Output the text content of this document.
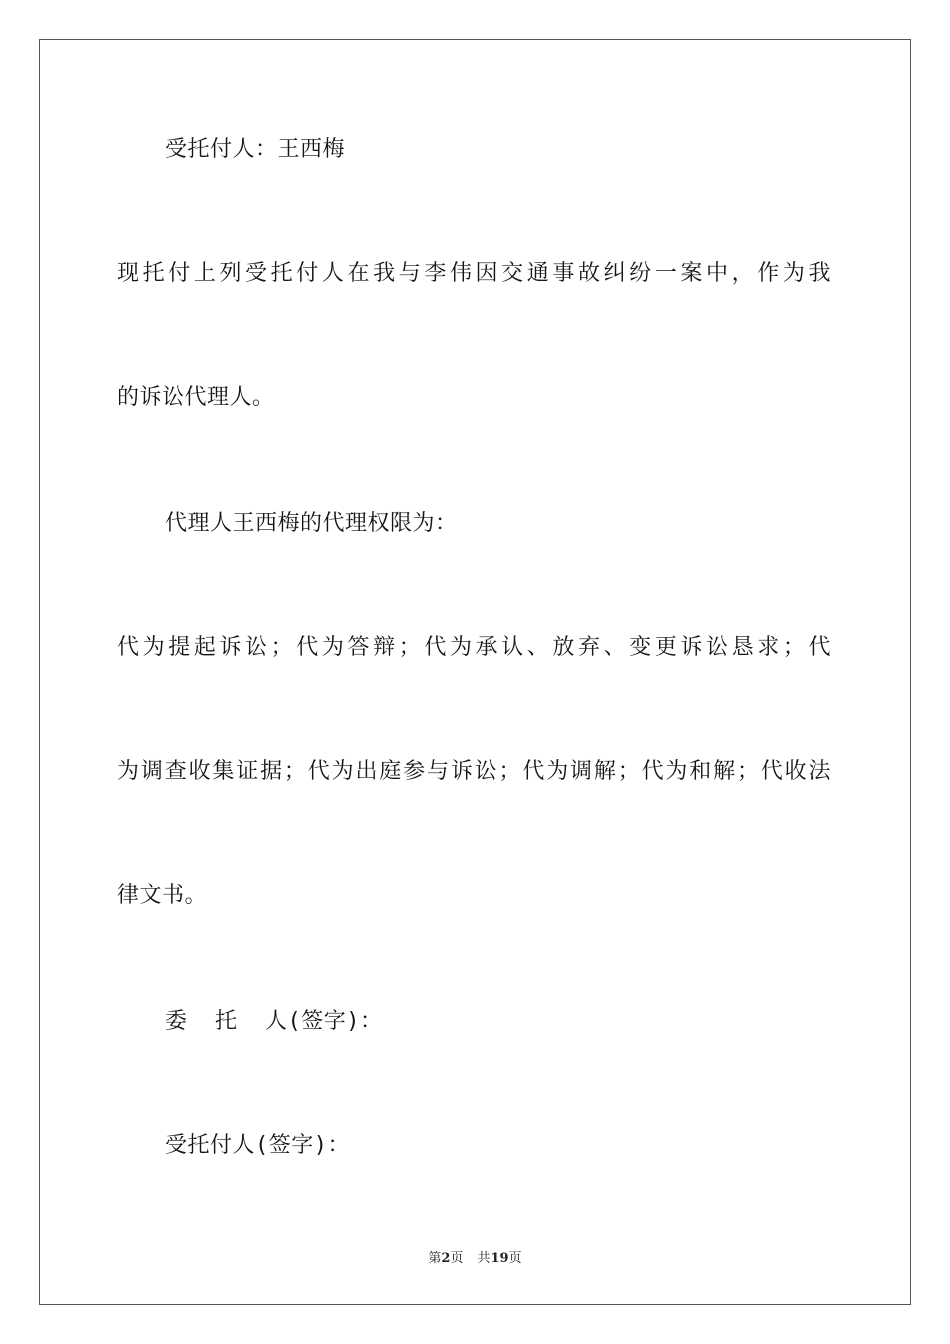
受托付人：王西梅
现托付上列受托付人在我与李伟因交通事故纠纷一案中，作为我
的诉讼代理人。
代理人王西梅的代理权限为：
代为提起诉讼；代为答辩；代为承认、放弃、变更诉讼恳求；代
为调查收集证据；代为出庭参与诉讼；代为调解；代为和解；代收法
律文书。
委  托  人(签字)：
受托付人(签字)：
第2页 共19页
